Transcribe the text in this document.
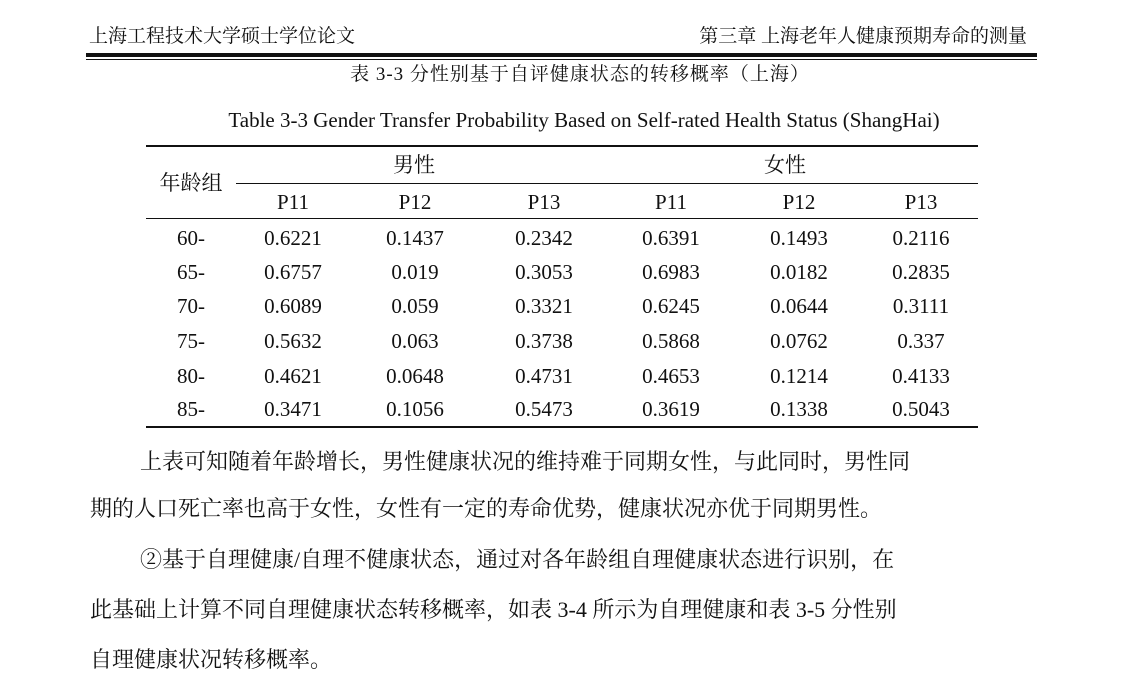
上海工程技术大学硕士学位论文	第三章 上海老年人健康预期寿命的测量
表 3-3 分性别基于自评健康状态的转移概率（上海）
Table 3-3 Gender Transfer Probability Based on Self-rated Health Status (ShangHai)
年龄组
男性	女性
P11	P12	P13	P11	P12	P13
60-	0.6221	0.1437	0.2342	0.6391	0.1493	0.2116
65-	0.6757	0.019	0.3053	0.6983	0.0182	0.2835
70-	0.6089	0.059	0.3321	0.6245	0.0644	0.3111
75-	0.5632	0.063	0.3738	0.5868	0.0762	0.337
80-	0.4621	0.0648	0.4731	0.4653	0.1214	0.4133
85-	0.3471	0.1056	0.5473	0.3619	0.1338	0.5043
上表可知随着年龄增长，男性健康状况的维持难于同期女性，与此同时，男性同
期的人口死亡率也高于女性，女性有一定的寿命优势，健康状况亦优于同期男性。
②基于自理健康/自理不健康状态，通过对各年龄组自理健康状态进行识别，在
此基础上计算不同自理健康状态转移概率，如表 3-4 所示为自理健康和表 3-5 分性别
自理健康状况转移概率。
